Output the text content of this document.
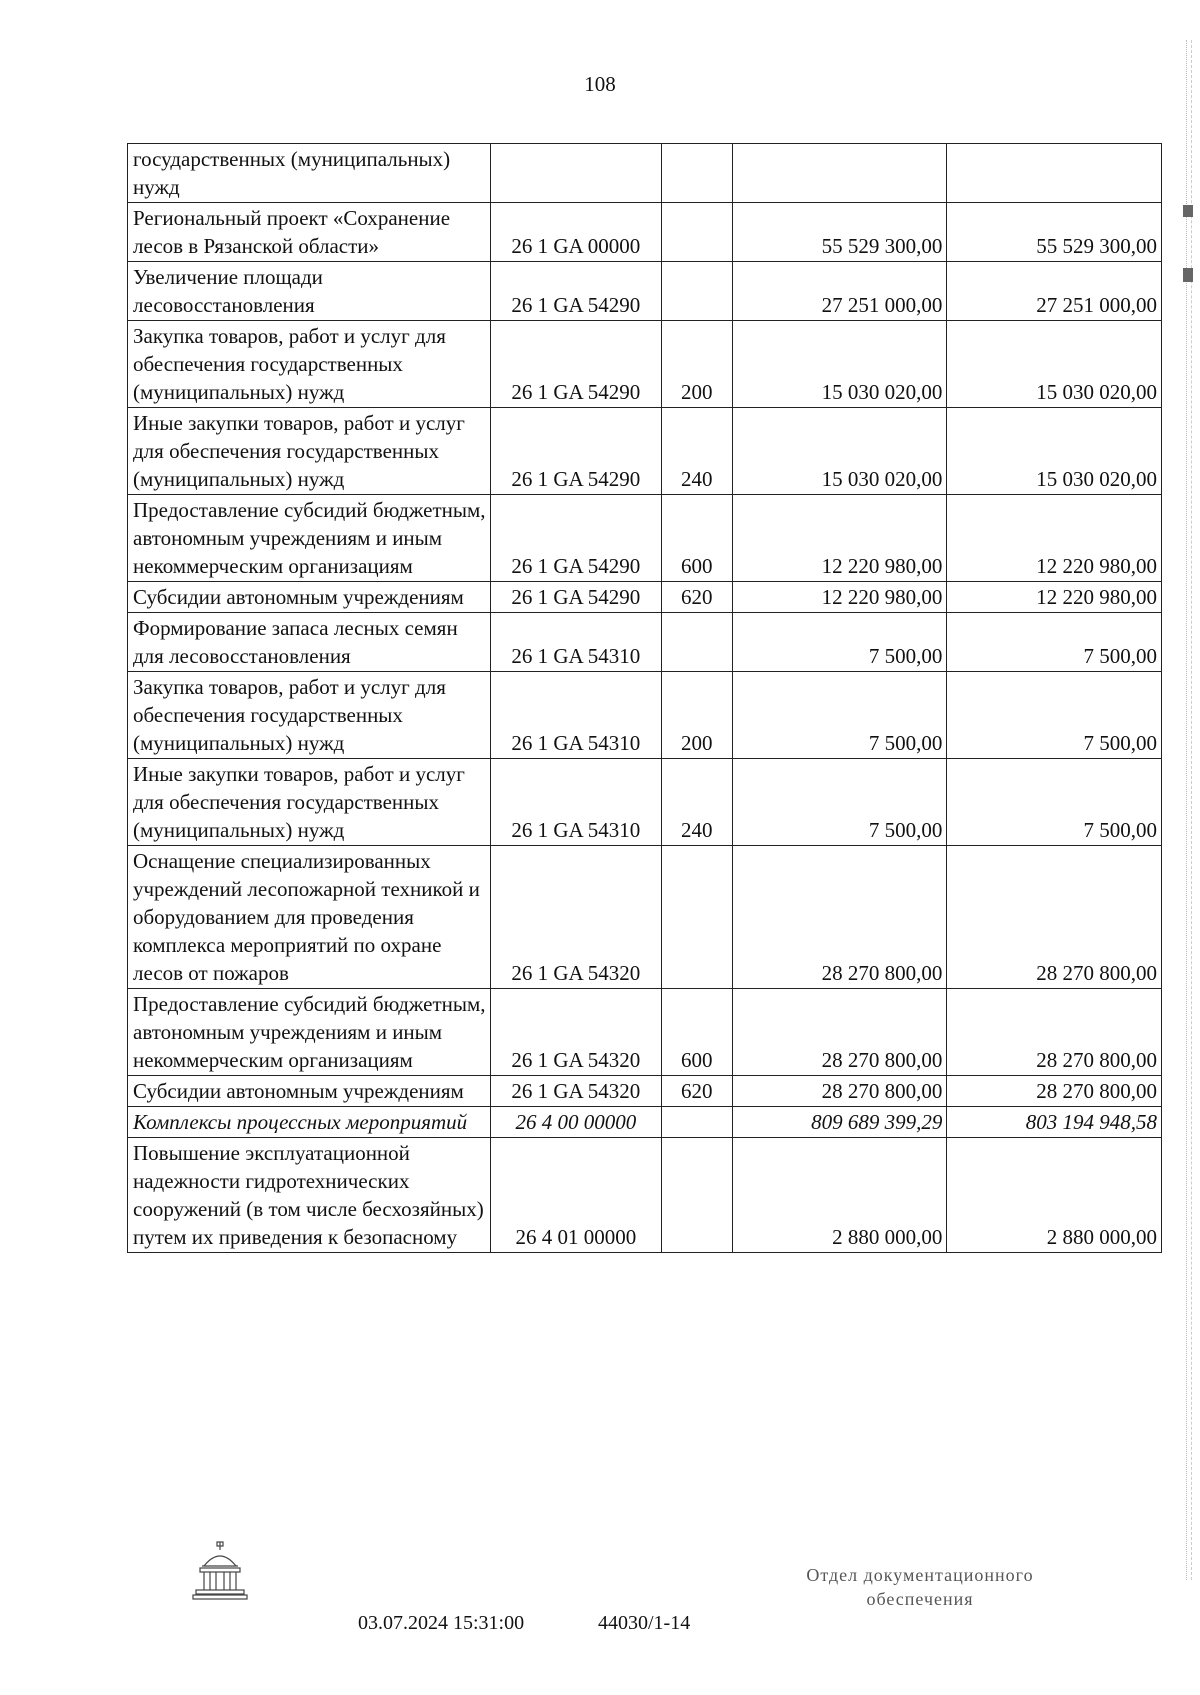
108
государственных (муниципальных) нужд				
Региональный проект «Сохранение лесов в Рязанской области»	26 1 GA 00000		55 529 300,00	55 529 300,00
Увеличение площади лесовосстановления	26 1 GA 54290		27 251 000,00	27 251 000,00
Закупка товаров, работ и услуг для обеспечения государственных (муниципальных) нужд	26 1 GA 54290	200	15 030 020,00	15 030 020,00
Иные закупки товаров, работ и услуг для обеспечения государственных (муниципальных) нужд	26 1 GA 54290	240	15 030 020,00	15 030 020,00
Предоставление субсидий бюджетным, автономным учреждениям и иным некоммерческим организациям	26 1 GA 54290	600	12 220 980,00	12 220 980,00
Субсидии автономным учреждениям	26 1 GA 54290	620	12 220 980,00	12 220 980,00
Формирование запаса лесных семян для лесовосстановления	26 1 GA 54310		7 500,00	7 500,00
Закупка товаров, работ и услуг для обеспечения государственных (муниципальных) нужд	26 1 GA 54310	200	7 500,00	7 500,00
Иные закупки товаров, работ и услуг для обеспечения государственных (муниципальных) нужд	26 1 GA 54310	240	7 500,00	7 500,00
Оснащение специализированных учреждений лесопожарной техникой и оборудованием для проведения комплекса мероприятий по охране лесов от пожаров	26 1 GA 54320		28 270 800,00	28 270 800,00
Предоставление субсидий бюджетным, автономным учреждениям и иным некоммерческим организациям	26 1 GA 54320	600	28 270 800,00	28 270 800,00
Субсидии автономным учреждениям	26 1 GA 54320	620	28 270 800,00	28 270 800,00
Комплексы процессных мероприятий	26 4 00 00000		809 689 399,29	803 194 948,58
Повышение эксплуатационной надежности гидротехнических сооружений (в том числе бесхозяйных) путем их приведения к безопасному	26 4 01 00000		2 880 000,00	2 880 000,00
03.07.2024 15:31:00	44030/1-14
Отдел документационного
обеспечения
